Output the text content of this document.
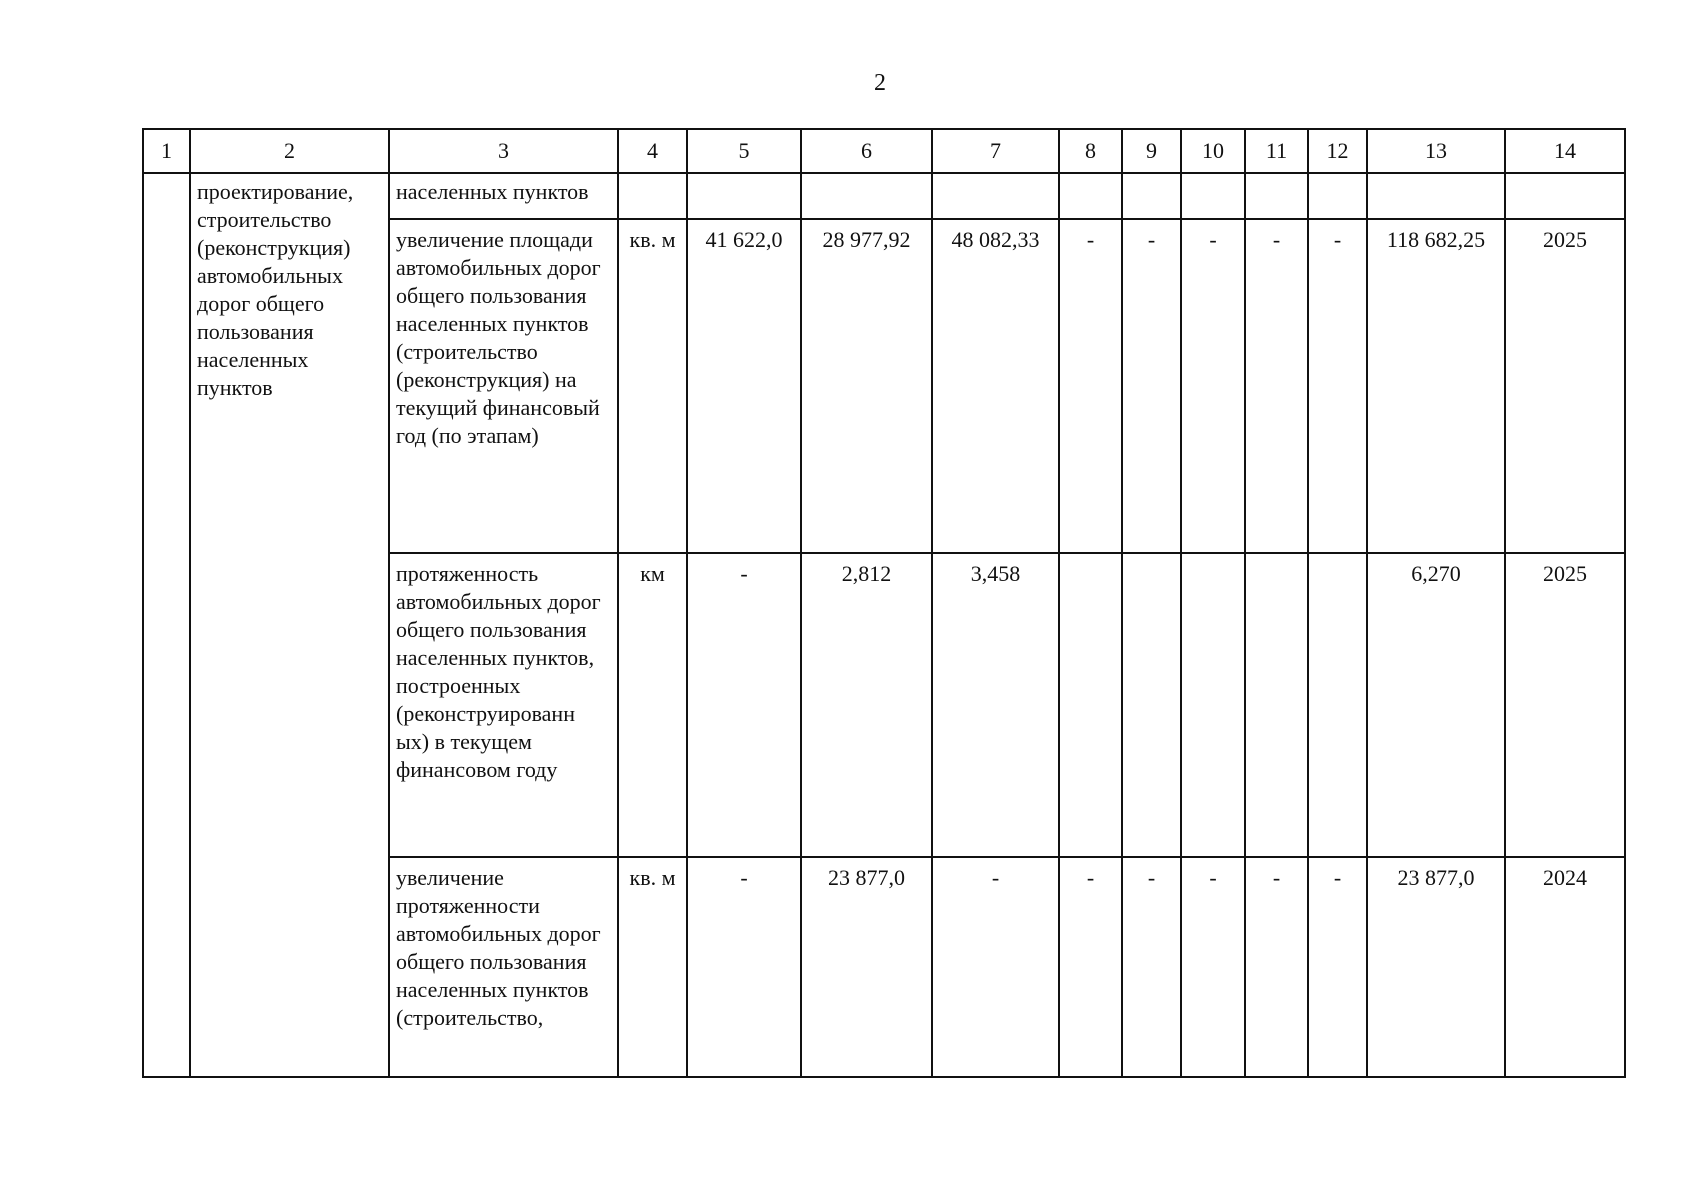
2
1	2	3	4	5	6	7	8	9	10	11	12	13	14
	проектирование, строительство (реконструкция) автомобильных дорог общего пользования населенных пунктов	населенных пунктов											
		увеличение площади автомобильных дорог общего пользования населенных пунктов (строительство (реконструкция) на текущий финансовый год (по этапам)	кв. м	41 622,0	28 977,92	48 082,33	-	-	-	-	-	118 682,25	2025
		протяженность автомобильных дорог общего пользования населенных пунктов, построенных (реконструированн ых) в текущем финансовом году	км	-	2,812	3,458						6,270	2025
		увеличение протяженности автомобильных дорог общего пользования населенных пунктов (строительство,	кв. м	-	23 877,0	-	-	-	-	-	-	23 877,0	2024
